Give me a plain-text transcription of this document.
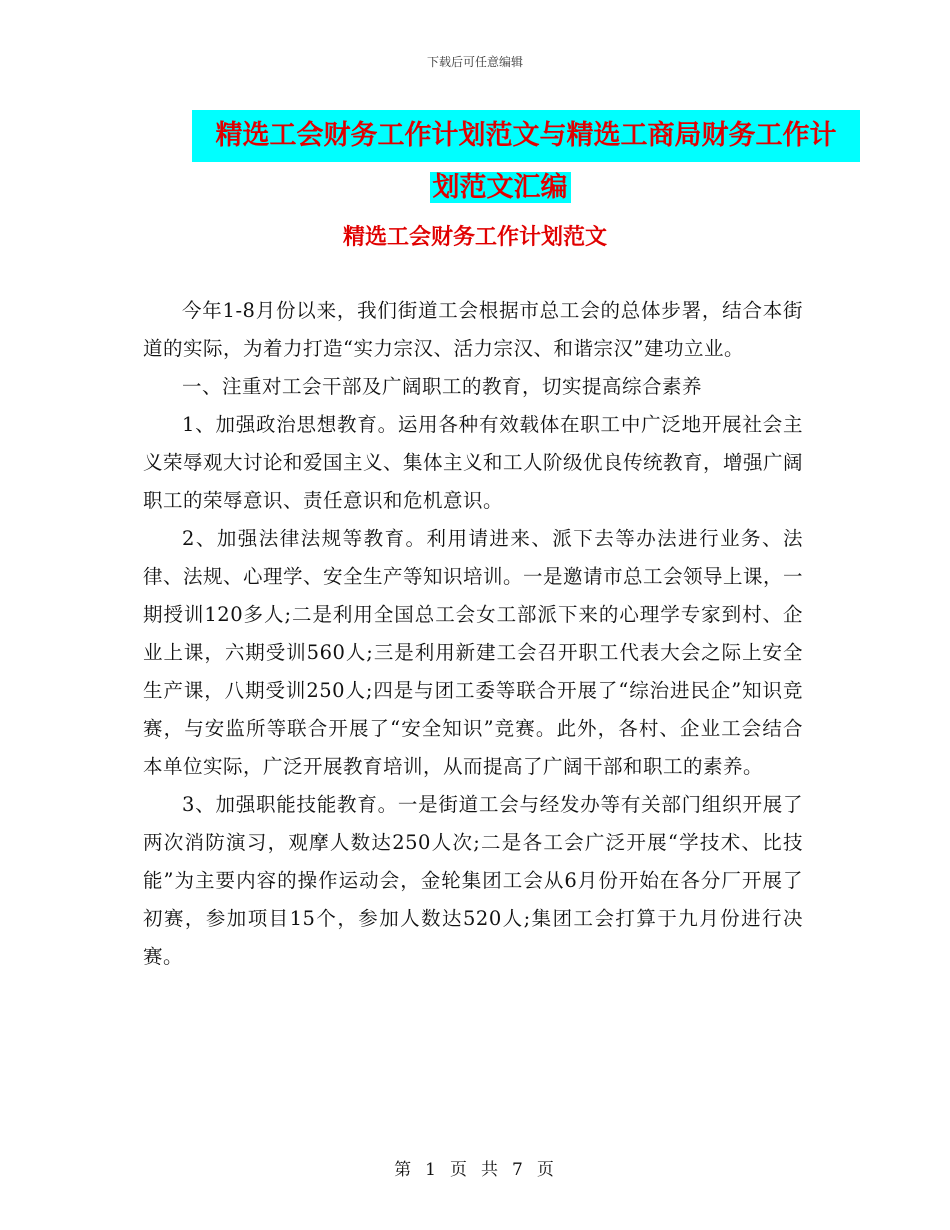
下载后可任意编辑
精选工会财务工作计划范文与精选工商局财务工作计
划范文汇编
精选工会财务工作计划范文

今年1-8月份以来，我们街道工会根据市总工会的总体步署，结合本街道的实际，为着力打造“实力宗汉、活力宗汉、和谐宗汉”建功立业。

一、注重对工会干部及广阔职工的教育，切实提高综合素养

1、加强政治思想教育。运用各种有效载体在职工中广泛地开展社会主义荣辱观大讨论和爱国主义、集体主义和工人阶级优良传统教育，增强广阔职工的荣辱意识、责任意识和危机意识。

2、加强法律法规等教育。利用请进来、派下去等办法进行业务、法律、法规、心理学、安全生产等知识培训。一是邀请市总工会领导上课，一期授训120多人;二是利用全国总工会女工部派下来的心理学专家到村、企业上课，六期受训560人;三是利用新建工会召开职工代表大会之际上安全生产课，八期受训250人;四是与团工委等联合开展了“综治进民企”知识竞赛，与安监所等联合开展了“安全知识”竞赛。此外，各村、企业工会结合本单位实际，广泛开展教育培训，从而提高了广阔干部和职工的素养。

3、加强职能技能教育。一是街道工会与经发办等有关部门组织开展了两次消防演习，观摩人数达250人次;二是各工会广泛开展“学技术、比技能”为主要内容的操作运动会，金轮集团工会从6月份开始在各分厂开展了初赛，参加项目15个，参加人数达520人;集团工会打算于九月份进行决赛。

第 1 页 共 7 页
